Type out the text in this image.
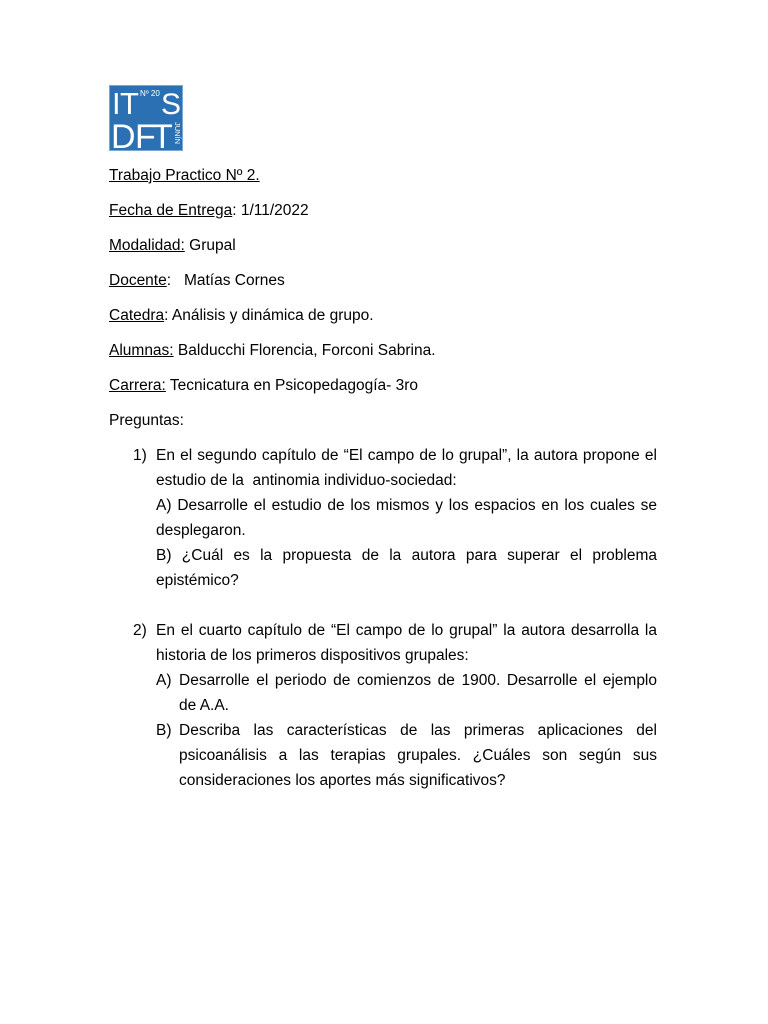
I T Nº 20 S
D F
T JUNÍN
Trabajo Practico Nº 2.
Fecha de Entrega: 1/11/2022
Modalidad: Grupal
Docente:   Matías Cornes
Catedra: Análisis y dinámica de grupo.
Alumnas: Balducchi Florencia, Forconi Sabrina.
Carrera: Tecnicatura en Psicopedagogía- 3ro
Preguntas:
1) En el segundo capítulo de “El campo de lo grupal”, la autora propone el
estudio de la  antinomia individuo-sociedad:
A) Desarrolle el estudio de los mismos y los espacios en los cuales se
desplegaron.
B) ¿Cuál es la propuesta de la autora para superar el problema
epistémico?
2) En el cuarto capítulo de “El campo de lo grupal” la autora desarrolla la
historia de los primeros dispositivos grupales:
A) Desarrolle el periodo de comienzos de 1900. Desarrolle el ejemplo
de A.A.
B) Describa las características de las primeras aplicaciones del
psicoanálisis a las terapias grupales. ¿Cuáles son según sus
consideraciones los aportes más significativos?
